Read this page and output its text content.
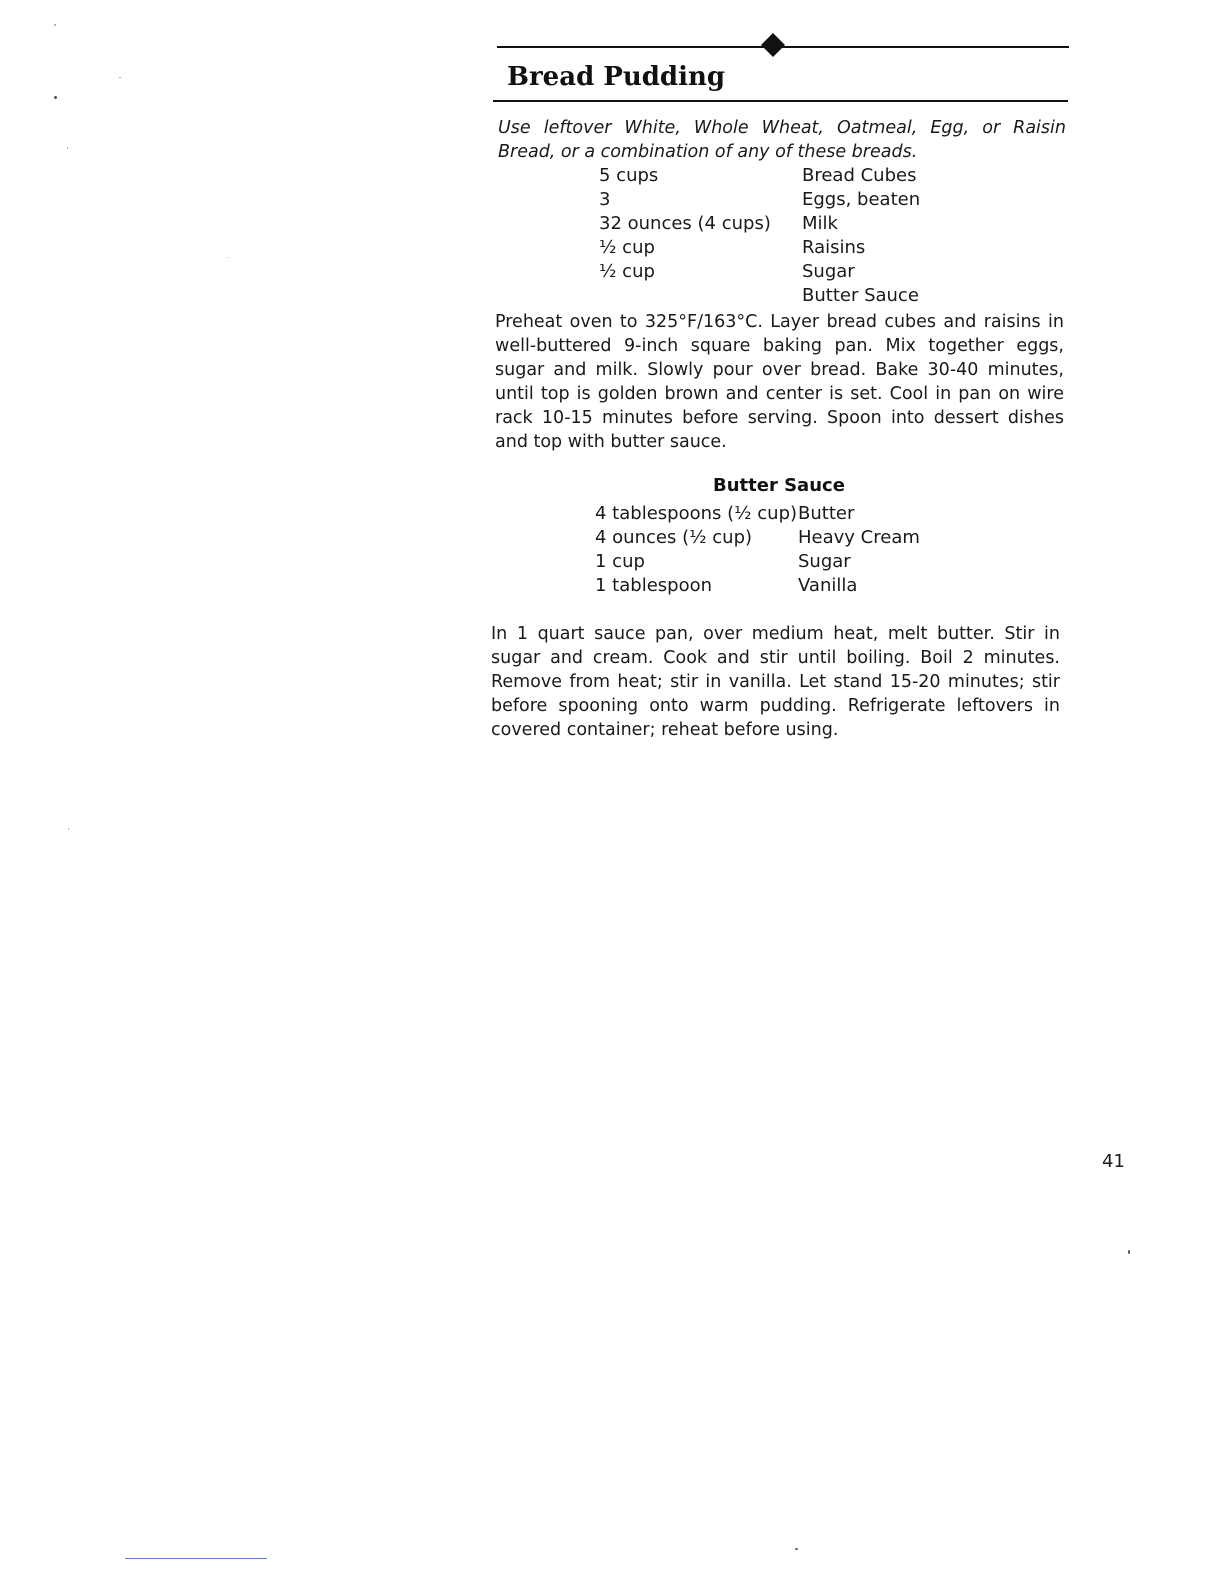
Bread Pudding
Use leftover White, Whole Wheat, Oatmeal, Egg, or Raisin Bread, or a combination of any of these breads.
5 cups	Bread Cubes
3	Eggs, beaten
32 ounces (4 cups)	Milk
½ cup	Raisins
½ cup	Sugar
	Butter Sauce
Preheat oven to 325°F/163°C. Layer bread cubes and raisins in well-buttered 9-inch square baking pan. Mix together eggs, sugar and milk. Slowly pour over bread. Bake 30-40 minutes, until top is golden brown and center is set. Cool in pan on wire rack 10-15 minutes before serving. Spoon into dessert dishes and top with butter sauce.
Butter Sauce
4 tablespoons (½ cup)	Butter
4 ounces (½ cup)	Heavy Cream
1 cup	Sugar
1 tablespoon	Vanilla
In 1 quart sauce pan, over medium heat, melt butter. Stir in sugar and cream. Cook and stir until boiling. Boil 2 minutes. Remove from heat; stir in vanilla. Let stand 15-20 minutes; stir before spooning onto warm pudding. Refrigerate leftovers in covered container; reheat before using.
41
